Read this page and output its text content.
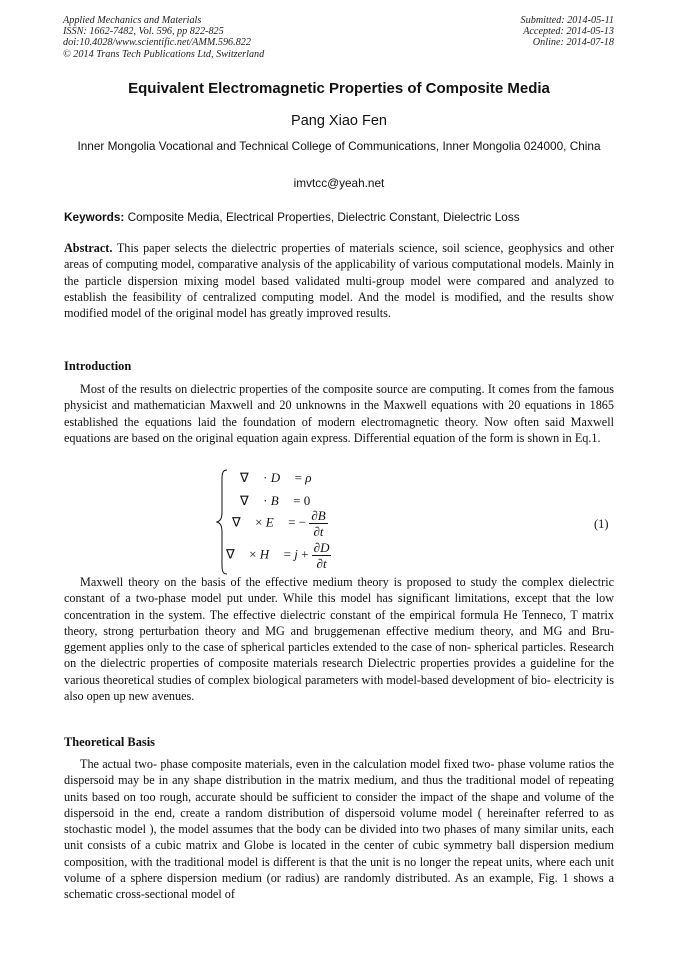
Applied Mechanics and Materials
ISSN: 1662-7482, Vol. 596, pp 822-825
doi:10.4028/www.scientific.net/AMM.596.822
© 2014 Trans Tech Publications Ltd, Switzerland
Submitted: 2014-05-11
Accepted: 2014-05-13
Online: 2014-07-18
Equivalent Electromagnetic Properties of Composite Media
Pang Xiao Fen
Inner Mongolia Vocational and Technical College of Communications, Inner Mongolia 024000, China
imvtcc@yeah.net
Keywords: Composite Media, Electrical Properties, Dielectric Constant, Dielectric Loss
Abstract. This paper selects the dielectric properties of materials science, soil science, geophysics and other areas of computing model, comparative analysis of the applicability of various computational models. Mainly in the particle dispersion mixing model based validated multi-group model were compared and analyzed to establish the feasibility of centralized computing model. And the model is modified, and the results show modified model of the original model has greatly improved results.
Introduction
Most of the results on dielectric properties of the composite source are computing. It comes from the famous physicist and mathematician Maxwell and 20 unknowns in the Maxwell equations with 20 equations in 1865 established the equations laid the foundation of modern electromagnetic theory. Now often said Maxwell equations are based on the original equation again express. Differential equation of the form is shown in Eq.1.
∇ ⃗ · D ⃗ = ρ
∇ ⃗ · B ⃗ = 0
∇ ⃗ × E ⃗ = − $\frac{\partial B}{\partial t}$
∇ ⃗ × H ⃗ = $j + \frac{\partial D}{\partial t}$
(1)
Maxwell theory on the basis of the effective medium theory is proposed to study the complex dielectric constant of a two-phase model put under. While this model has significant limitations, except that the low concentration in the system. The effective dielectric constant of the empirical formula He Tenneco, T matrix theory, strong perturbation theory and MG and bruggemenan effective medium theory, and MG and Bru-ggement applies only to the case of spherical particles extended to the case of non- spherical particles. Research on the dielectric properties of composite materials research Dielectric properties provides a guideline for the various theoretical studies of complex biological parameters with model-based development of bio- electricity is also open up new avenues.
Theoretical Basis
The actual two- phase composite materials, even in the calculation model fixed two- phase volume ratios the dispersoid may be in any shape distribution in the matrix medium, and thus the traditional model of repeating units based on too rough, accurate should be sufficient to consider the impact of the shape and volume of the dispersoid in the end, create a random distribution of dispersoid volume model ( hereinafter referred to as stochastic model ), the model assumes that the body can be divided into two phases of many similar units, each unit consists of a cubic matrix and Globe is located in the center of cubic symmetry ball dispersion medium composition, with the traditional model is different is that the unit is no longer the repeat units, where each unit volume of a sphere dispersion medium (or radius) are randomly distributed. As an example, Fig. 1 shows a schematic cross-sectional model of
